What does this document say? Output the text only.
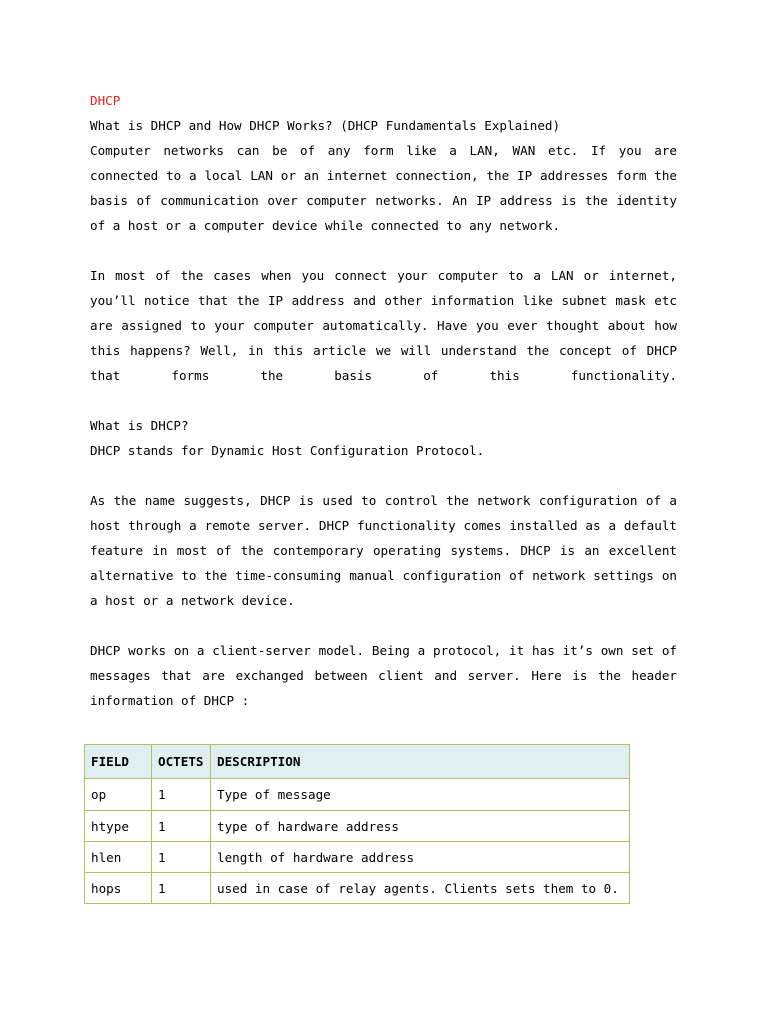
DHCP
What is DHCP and How DHCP Works? (DHCP Fundamentals Explained)

Computer networks can be of any form like a LAN, WAN etc. If you are connected to a local LAN or an internet connection, the IP addresses form the basis of communication over computer networks. An IP address is the identity of a host or a computer device while connected to any network.

In most of the cases when you connect your computer to a LAN or internet, you’ll notice that the IP address and other information like subnet mask etc are assigned to your computer automatically. Have you ever thought about how this happens? Well, in this article we will understand the concept of DHCP that forms the basis of this functionality.

What is DHCP?
DHCP stands for Dynamic Host Configuration Protocol.

As the name suggests, DHCP is used to control the network configuration of a host through a remote server. DHCP functionality comes installed as a default feature in most of the contemporary operating systems. DHCP is an excellent alternative to the time-consuming manual configuration of network settings on a host or a network device.

DHCP works on a client-server model. Being a protocol, it has it’s own set of messages that are exchanged between client and server. Here is the header information of DHCP :

FIELD	OCTETS	DESCRIPTION
op	1	Type of message
htype	1	type of hardware address
hlen	1	length of hardware address
hops	1	used in case of relay agents. Clients sets them to 0.
